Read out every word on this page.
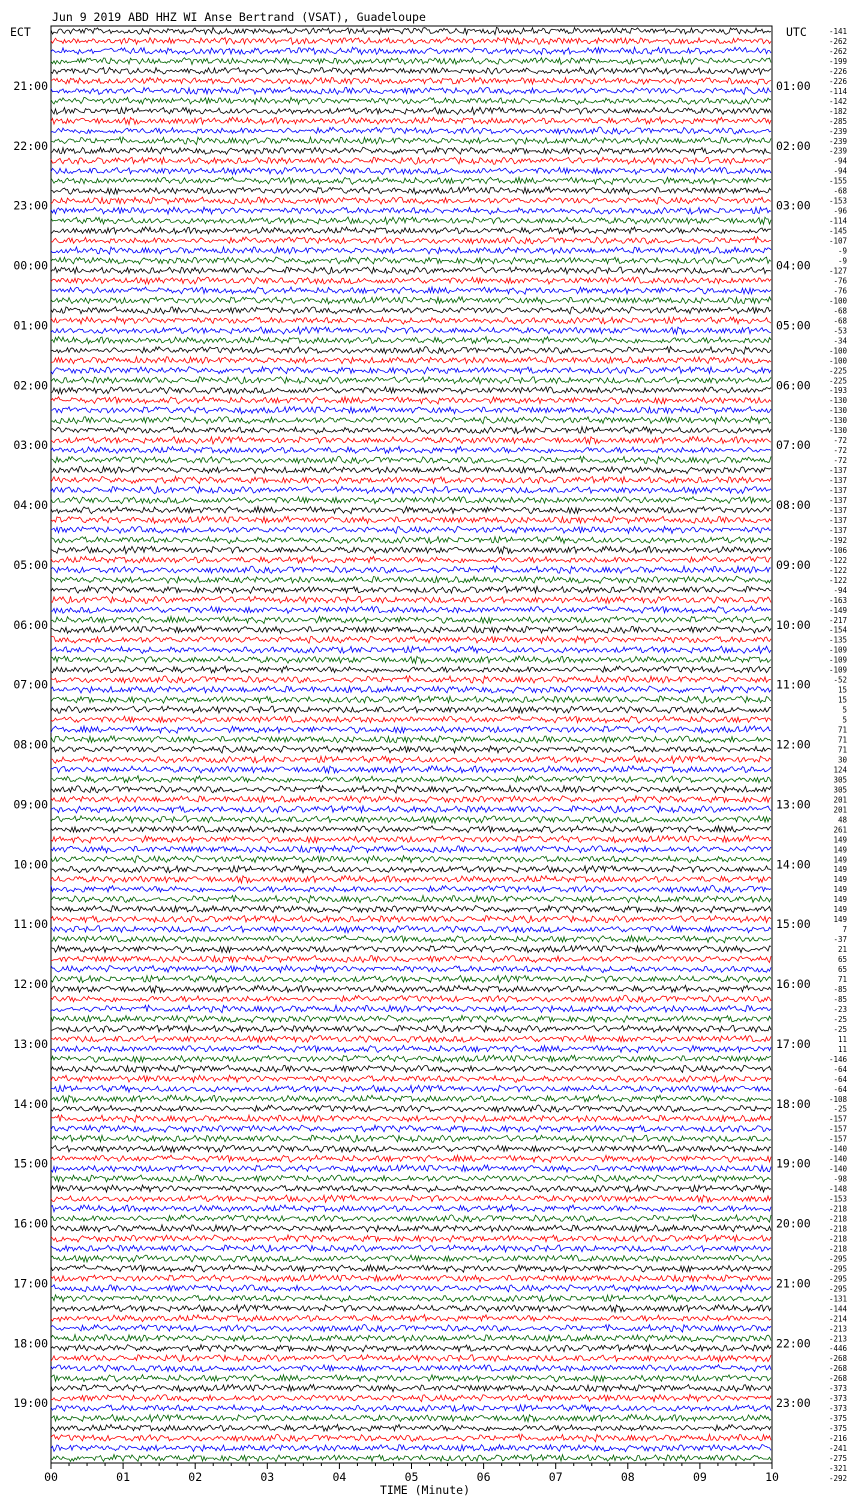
Jun 9 2019 ABD HHZ WI Anse Bertrand (VSAT), Guadeloupe
ECT	UTC
21:00
22:00
23:00
00:00
01:00
02:00
03:00
04:00
05:00
06:00
07:00
08:00
09:00
10:00
11:00
12:00
13:00
14:00
15:00
16:00
17:00
18:00
19:00
01:00
02:00
03:00
04:00
05:00
06:00
07:00
08:00
09:00
10:00
11:00
12:00
13:00
14:00
15:00
16:00
17:00
18:00
19:00
20:00
21:00
22:00
23:00
-141
-262
-262
-199
-226
-226
-114
-142
-182
-285
-239
-239
-239
-94
-94
-155
-68
-153
-96
-114
-145
-107
-9
-9
-127
-76
-76
-100
-68
-68
-53
-34
-100
-100
-225
-225
-193
-130
-130
-130
-130
-72
-72
-72
-137
-137
-137
-137
-137
-137
-137
-192
-106
-122
-122
-122
-94
-163
-149
-217
-154
-135
-109
-109
-109
-52
15
15
5
5
71
71
71
30
124
305
305
201
201
48
261
149
149
149
149
149
149
149
149
149
7
-37
21
65
65
71
-85
-85
-23
-25
-25
11
11
-146
-64
-64
-64
-108
-25
-157
-157
-157
-140
-140
-140
-98
-148
-153
-218
-218
-218
-218
-218
-295
-295
-295
-295
-131
-144
-214
-213
-213
-446
-268
-268
-268
-373
-373
-373
-375
-375
-216
-241
-275
-321
-292
00	01	02	03	04	05	06	07	08	09	10
TIME (Minute)
